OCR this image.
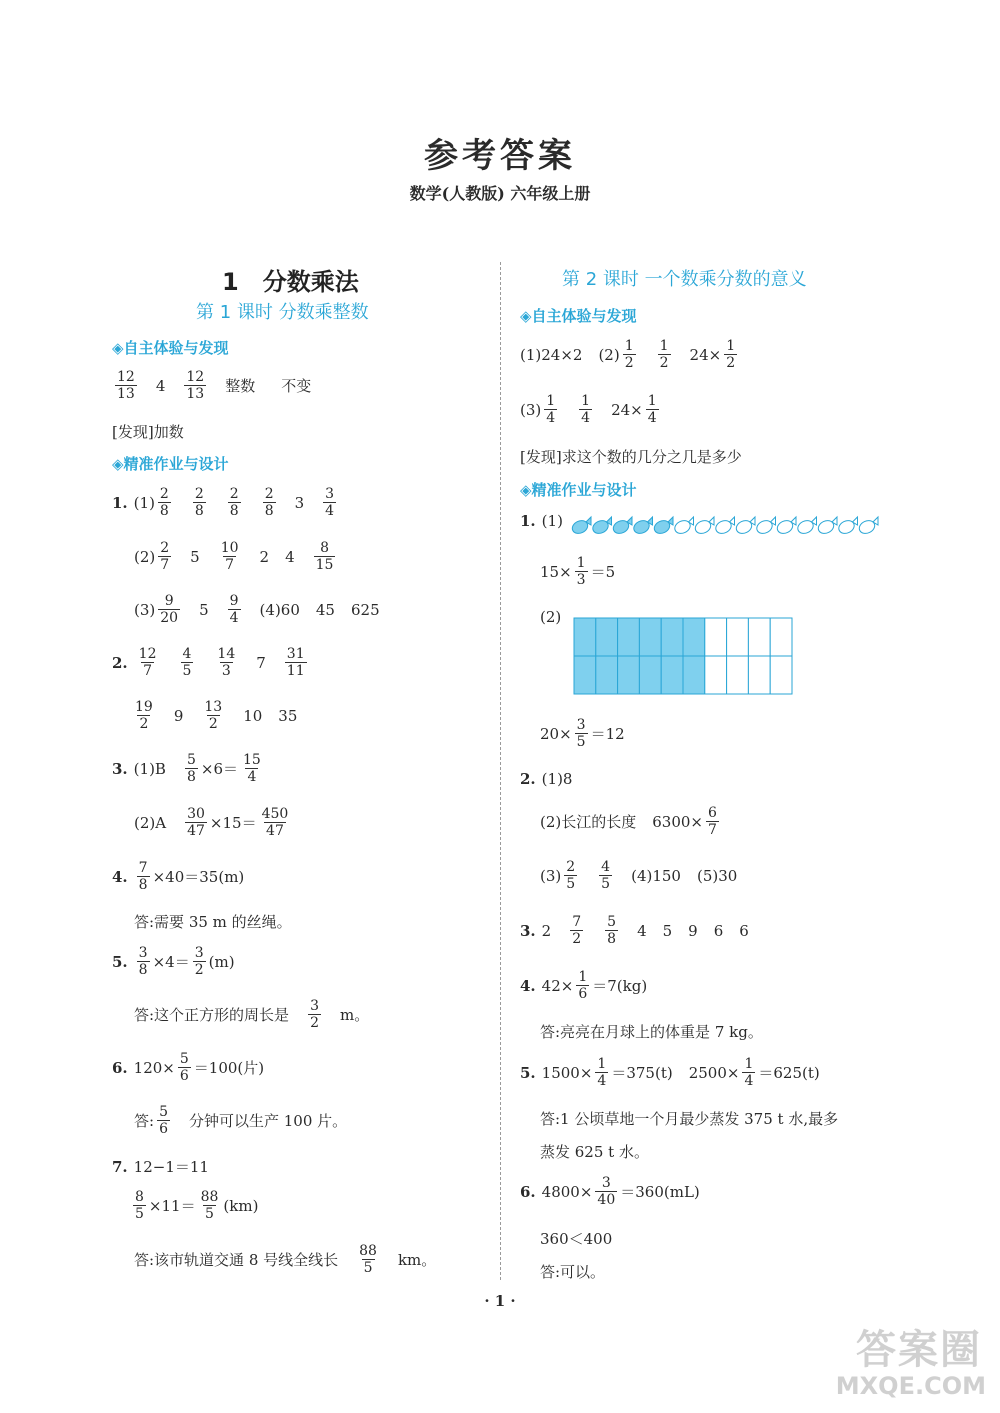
参考答案
数学(人教版) 六年级上册
1 分数乘法
第 1 课时 分数乘整数
◈自主体验与发现
$\frac{12}{13} 4 \frac{12}{13}$ 整数 不变
[发现]加数
◈精准作业与设计
1. $(1) \frac{2}{8} \frac{2}{8} \frac{2}{8} \frac{2}{8} 3 \frac{3}{4}$
$(2) \frac{2}{7} 5 \frac{10}{7} 2$ $4 \frac{8}{15}$
$(3) \frac{9}{20} 5 \frac{9}{4} (4)60$ 45 625
2. $\frac{12}{7} \frac{4}{5} \frac{14}{3} 7 \frac{31}{11}$
$\frac{19}{2} 9 \frac{13}{2} 10$ 35
3. $(1)B \frac{5}{8} \times 6= \frac{15}{4}$
$(2)A \frac{30}{47} \times 15= \frac{450}{47}$
4. $\frac{7}{8} \times 40=35(m)$
答:需要 35 m 的丝绳。
5. $\frac{3}{8} \times 4= \frac{3}{2} (m)$
答:这个正方形的周长是 $\frac{3}{2}$ m。
6. $120\times \frac{5}{6} =100$(片)
答: $\frac{5}{6}$ 分钟可以生产 100 片。
7. 12−1＝11
$\frac{8}{5} \times 11= \frac{88}{5} (km)$
答:该市轨道交通 8 号线全线长 $\frac{88}{5}$ km。
第 2 课时 一个数乘分数的意义
◈自主体验与发现
(1)24×2 $(2) \frac{1}{2} \frac{1}{2} 24\times \frac{1}{2}$
$(3) \frac{1}{4} \frac{1}{4} 24\times \frac{1}{4}$
[发现]求这个数的几分之几是多少
◈精准作业与设计
1. (1)
$15\times \frac{1}{3} =5$
(2)
$20\times \frac{3}{5} =12$
2. (1)8
(2)长江的长度 $6300\times \frac{6}{7}$
$(3) \frac{2}{5} \frac{4}{5} (4)150$ (5)30
3. $2 \frac{7}{2} \frac{5}{8} 4$ 5 9 6 6
4. $42\times \frac{1}{6} =7(kg)$
答:亮亮在月球上的体重是 7 kg。
5. $1500\times \frac{1}{4} =375(t)$ $2500\times \frac{1}{4} =625(t)$
答:1 公顷草地一个月最少蒸发 375 t 水,最多
蒸发 625 t 水。
6. $4800\times \frac{3}{40} =360(mL)$
360＜400
答:可以。
· 1 ·
答案圈
MXQE.COM
